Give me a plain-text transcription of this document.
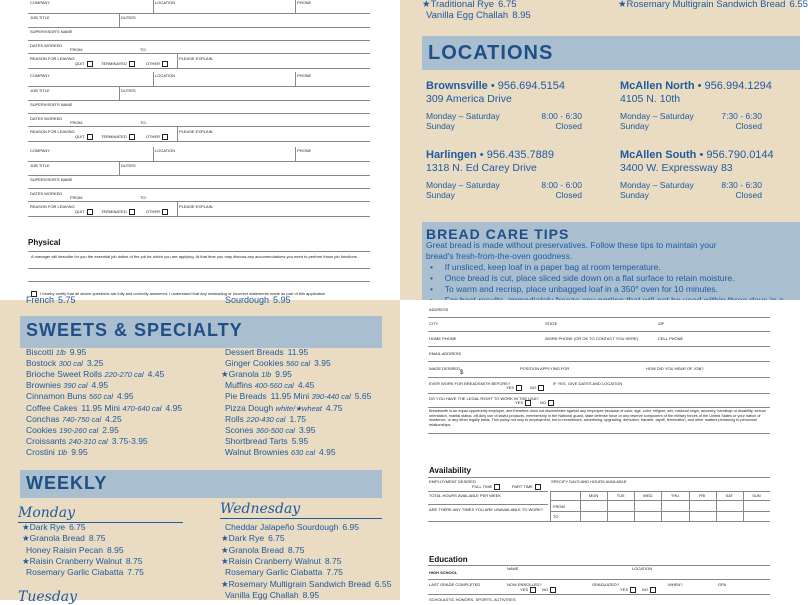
COMPANY	LOCATION	PHONE
JOB TITLE	DUTIES
SUPERVISOR'S NAME
DATES WORKED
FROM:	TO:
REASON FOR LEAVING
QUIT	TERMINATED	OTHER
PLEASE EXPLAIN
COMPANY	LOCATION	PHONE
JOB TITLE	DUTIES
SUPERVISOR'S NAME
DATES WORKED
FROM:	TO:
REASON FOR LEAVING
QUIT	TERMINATED	OTHER
PLEASE EXPLAIN
COMPANY	LOCATION	PHONE
JOB TITLE	DUTIES
SUPERVISOR'S NAME
DATES WORKED
FROM:	TO:
REASON FOR LEAVING
QUIT	TERMINATED	OTHER
PLEASE EXPLAIN
Physical
A manager will describe for you the essential job duties of the job for which you are applying. At that time you may discuss any accommodations you need to perform those job functions.
I hereby certify that all above questions are fully and correctly answered. I understand that any misleading or incorrect statements made as part of this application
★Traditional Rye 6.75
Vanilla Egg Challah 8.95
★Rosemary Multigrain Sandwich Bread 6.55
LOCATIONS
Brownsville • 956.694.5154
309 America Drive
Monday – Saturday	8:00 - 6:30
Sunday	Closed
McAllen North • 956.994.1294
4105 N. 10th
Monday – Saturday	7:30 - 6:30
Sunday	Closed
Harlingen • 956.435.7889
1318 N. Ed Carey Drive
Monday – Saturday	8:00 - 6:00
Sunday	Closed
McAllen South • 956.790.0144
3400 W. Expressway 83
Monday – Saturday	8:30 - 6:30
Sunday	Closed
BREAD CARE TIPS
Great bread is made without preservatives. Follow these tips to maintain your bread's fresh-from-the-oven goodness.
•     If unsliced, keep loaf in a paper bag at room temperature.
•     Once bread is cut, place sliced side down on a flat surface to retain moisture.
•     To warm and recrisp, place unbagged loaf in a 350° oven for 10 minutes.
French 5.75	Sourdough 5.95
SWEETS & SPECIALTY
Biscotti 1lb 9.95
Bostock 300 cal 3.25
Brioche Sweet Rolls 220-270 cal 4.45
Brownies 390 cal 4.95
Cinnamon Buns 560 cal 4.95
Coffee Cakes 11.95 Mini 470-640 cal 4.95
Conchas 740-750 cal 4.25
Cookies 190-260 cal 2.95
Croissants 240-310 cal 3.75-3.95
Crostini 1lb 9.95
Dessert Breads 11.95
Ginger Cookies 560 cal 3.95
★Granola 1lb 9.95
Muffins 400-560 cal 4.45
Pie Breads 11.95 Mini 390-440 cal 5.65
Pizza Dough white/★wheat 4.75
Rolls 220-430 cal 1.75
Scones 360-500 cal 3.95
Shortbread Tarts 5.95
Walnut Brownies 630 cal 4.95
WEEKLY
Monday
★Dark Rye 6.75
★Granola Bread 8.75
Honey Raisin Pecan 8.95
★Raisin Cranberry Walnut 8.75
Rosemary Garlic Ciabatta 7.75
Tuesday
Wednesday
Cheddar Jalapeño Sourdough 6.95
★Dark Rye 6.75
★Granola Bread 8.75
★Raisin Cranberry Walnut 8.75
Rosemary Garlic Ciabatta 7.75
★Rosemary Multigrain Sandwich Bread 6.55
Vanilla Egg Challah 8.95
ADDRESS
CITY	STATE	ZIP
HOME PHONE	WORK PHONE (OR OK TO CONTACT YOU HERE)	CELL PHONE
EMAIL ADDRESS
WAGE DESIRED
$
POSITION APPLYING FOR	HOW DID YOU HEAR OF JOB?
EVER WORK FOR BREADSMITH BEFORE?
YES	NO
IF YES, GIVE DATES AND LOCATION
DO YOU HAVE THE LEGAL RIGHT TO WORK IN THE USA?
YES	NO
Breadsmith is an equal opportunity employer, and therefore does not discriminate against any employee because of color, age, color, religion, sex, national origin, ancestry, handicap or disability, sexual orientation, marital status, off-duty use of lawful products, membership in the National guard, state defense force or any reserve component of the military forces of the United States or your nation of residence, or any other legally basis. This policy not only to employment, but to recruitment, advertising, upgrading, demotion, transfer, layoff, termination, and other matters pertaining to personnel relationships.
Availability
EMPLOYMENT DESIRED
FULL TIME	PART TIME
SPECIFY DAYS AND HOURS AVAILABLE
TOTAL HOURS AVAILABLE PER WEEK
ARE THERE ANY TIMES YOU ARE UNAVAILABLE TO WORK?
MON	TUE	WED	THU	FRI	SAT	SUN
FROM
TO
Education
HIGH SCHOOL
NAME	LOCATION
LAST GRADE COMPLETED	NOW ENROLLED?
YES	NO
GRADUATED?
YES	NO
WHEN?	GPA
SCHOLASTIC HONORS, SPORTS, ACTIVITIES
